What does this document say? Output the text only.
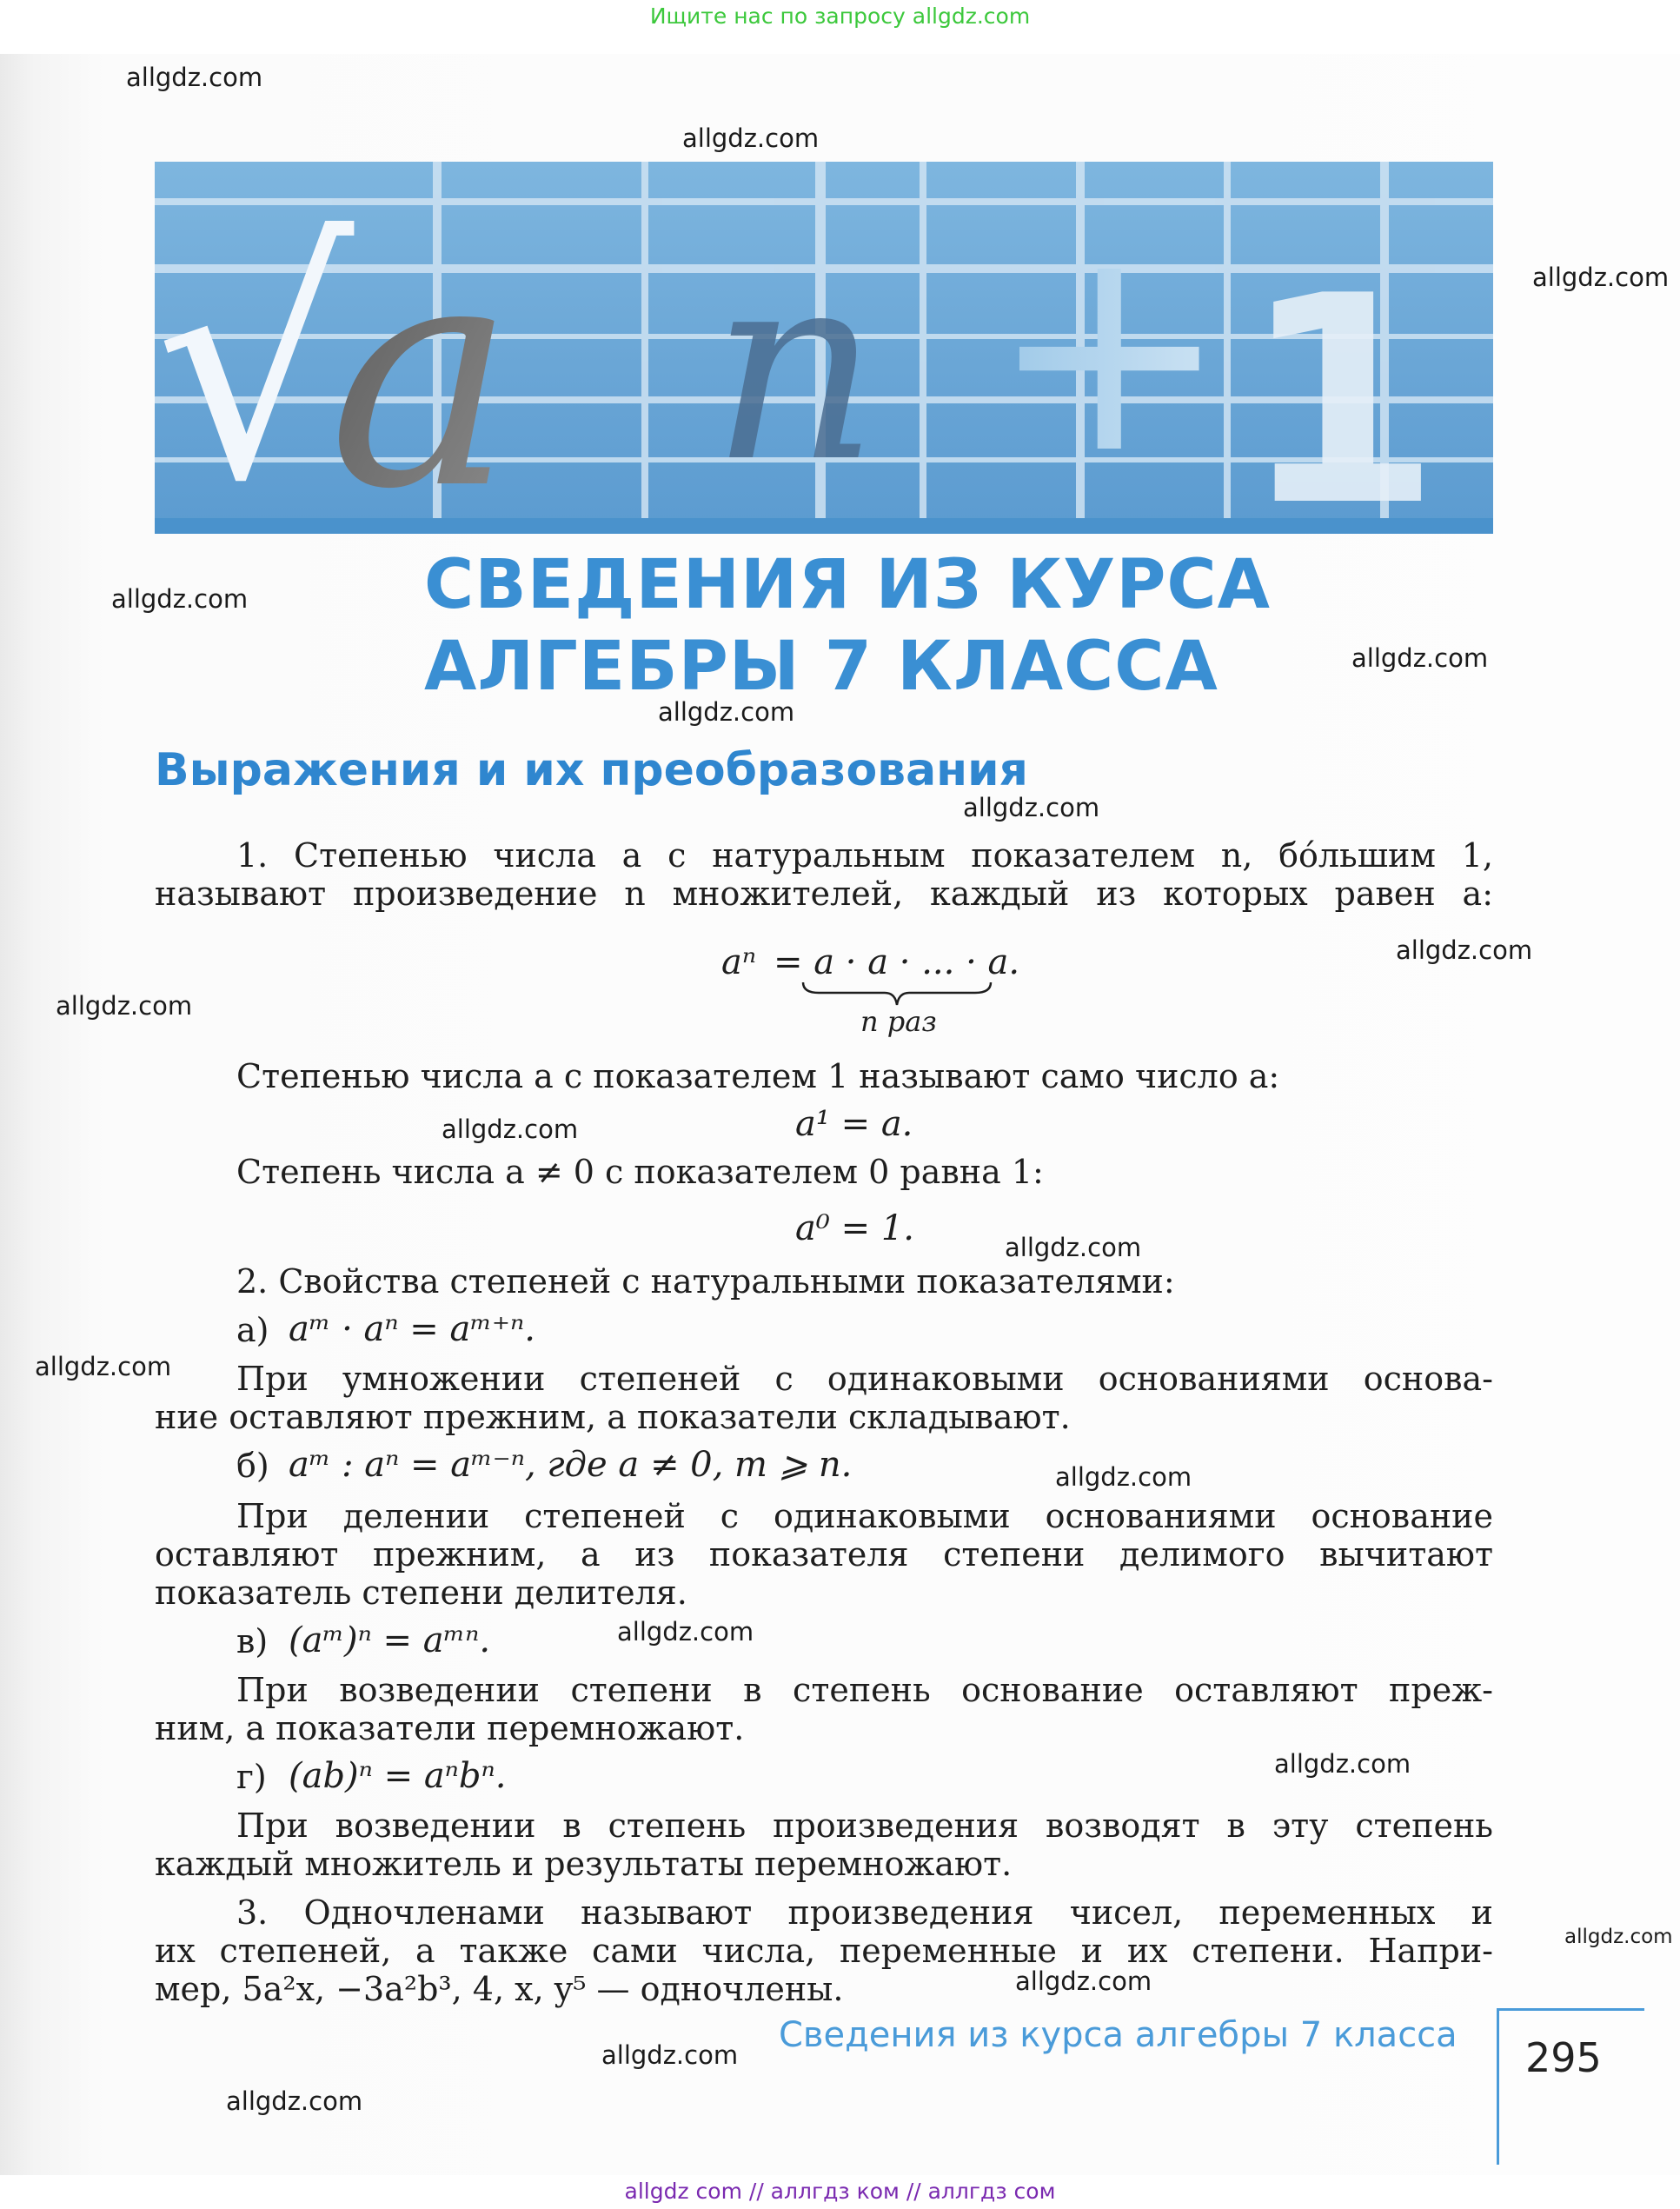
Ищите нас по запросу allgdz.com
allgdz.com
allgdz.com
allgdz.com
allgdz.com
allgdz.com
allgdz.com
allgdz.com
allgdz.com
allgdz.com
allgdz.com
allgdz.com
allgdz.com
allgdz.com
allgdz.com
allgdz.com
allgdz.com
allgdz.com
allgdz.com
allgdz.com
√
a n + 1
СВЕДЕНИЯ ИЗ КУРСА
АЛГЕБРЫ 7 КЛАССА
Выражения и их преобразования
1. Степенью числа a с натуральным показателем n, бо́льшим 1,
называют произведение n множителей, каждый из которых равен a:
aⁿ = a · a · ... · a.
n раз
Степенью числа a с показателем 1 называют само число a:
a¹ = a.
Степень числа a ≠ 0 с показателем 0 равна 1:
a⁰ = 1.
2. Свойства степеней с натуральными показателями:
а) aᵐ · aⁿ = aᵐ⁺ⁿ.
При умножении степеней с одинаковыми основаниями основа-
ние оставляют прежним, а показатели складывают.
б) aᵐ : aⁿ = aᵐ⁻ⁿ, где a ≠ 0, m ⩾ n.
При делении степеней с одинаковыми основаниями основание
оставляют прежним, а из показателя степени делимого вычитают
показатель степени делителя.
в) (aᵐ)ⁿ = aᵐⁿ.
При возведении степени в степень основание оставляют преж-
ним, а показатели перемножают.
г) (ab)ⁿ = aⁿbⁿ.
При возведении в степень произведения возводят в эту степень
каждый множитель и результаты перемножают.
3. Одночленами называют произведения чисел, переменных и
их степеней, а также сами числа, переменные и их степени. Напри-
мер, 5a²x, −3a²b³, 4, x, y⁵ — одночлены.
Сведения из курса алгебры 7 класса 295
allgdz com // аллгдз ком // аллгдз сом
